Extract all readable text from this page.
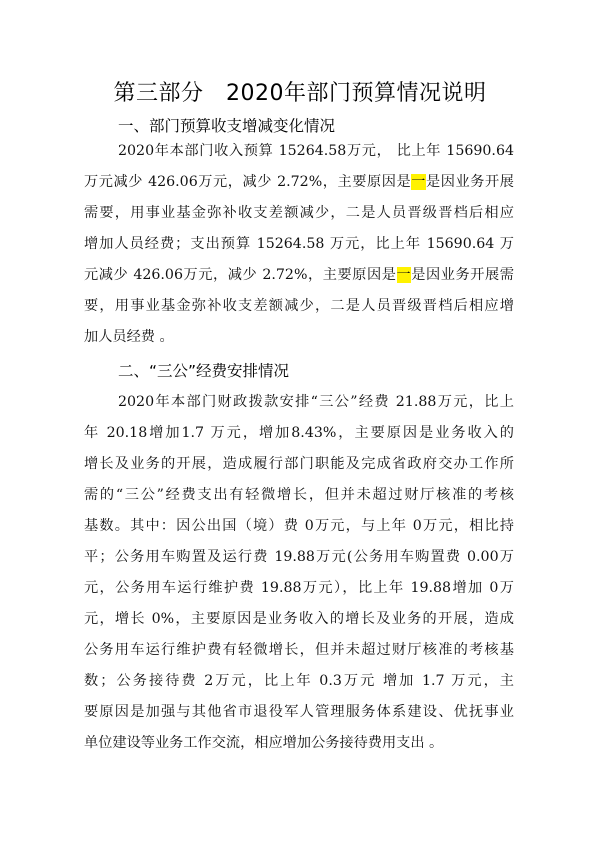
第三部分　2020年部门预算情况说明
一、部门预算收支增减变化情况
2020年本部门收入预算 15264.58万元， 比上年 15690.64
万元减少 426.06万元，减少 2.72%，主要原因是一是因业务开展
需要，用事业基金弥补收支差额减少，二是人员晋级晋档后相应
增加人员经费；支出预算 15264.58 万元，比上年 15690.64 万
元减少 426.06万元，减少 2.72%，主要原因是一是因业务开展需
要，用事业基金弥补收支差额减少，二是人员晋级晋档后相应增
加人员经费 。
二、“三公”经费安排情况
2020年本部门财政拨款安排“三公”经费 21.88万元，比上
年 20.18增加1.7 万元，增加8.43%，主要原因是业务收入的
增长及业务的开展，造成履行部门职能及完成省政府交办工作所
需的“三公”经费支出有轻微增长，但并未超过财厅核准的考核
基数。其中：因公出国（境）费 0万元，与上年 0万元，相比持
平；公务用车购置及运行费 19.88万元(公务用车购置费 0.00万
元，公务用车运行维护费 19.88万元），比上年 19.88增加 0万
元，增长 0%，主要原因是业务收入的增长及业务的开展，造成
公务用车运行维护费有轻微增长，但并未超过财厅核准的考核基
数；公务接待费 2万元，比上年 0.3万元 增加 1.7 万元，主
要原因是加强与其他省市退役军人管理服务体系建设、优抚事业
单位建设等业务工作交流，相应增加公务接待费用支出 。
